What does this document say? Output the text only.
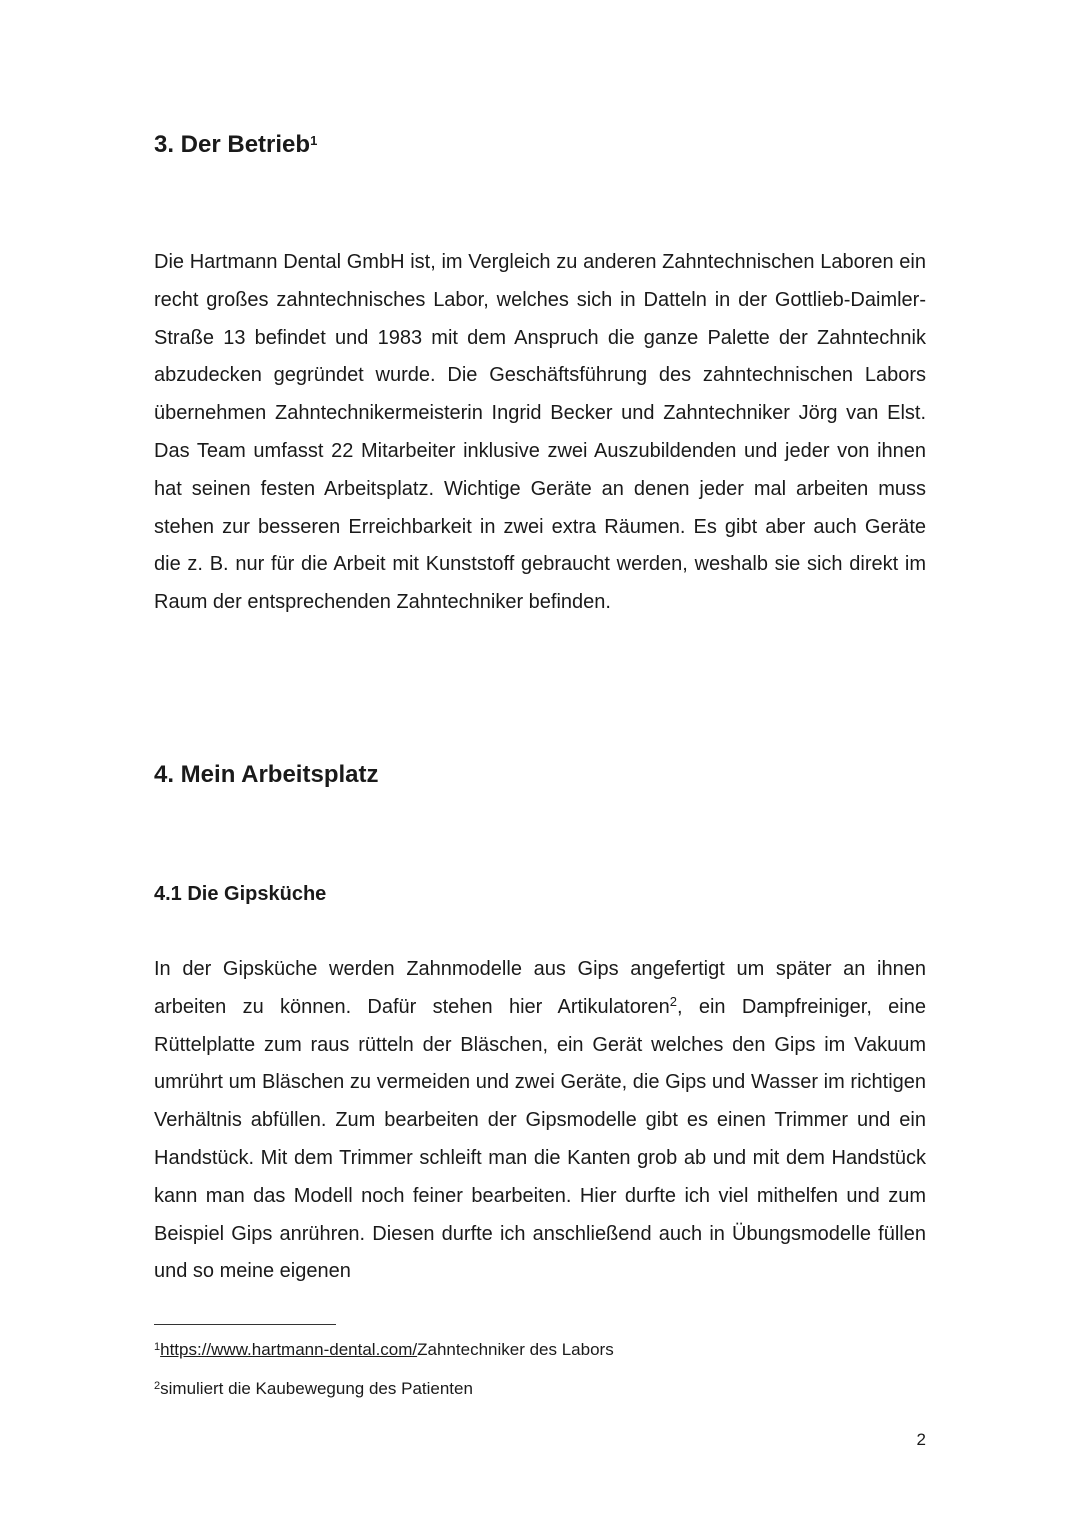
3. Der Betrieb$^1$

Die Hartmann Dental GmbH ist, im Vergleich zu anderen Zahntechnischen Laboren ein recht großes zahntechnisches Labor, welches sich in Datteln in der Gottlieb-Daimler-Straße 13 befindet und 1983 mit dem Anspruch die ganze Palette der Zahntechnik abzudecken gegründet wurde. Die Geschäftsführung des zahntechnischen Labors übernehmen Zahntechnikermeisterin Ingrid Becker und Zahntechniker Jörg van Elst. Das Team umfasst 22 Mitarbeiter inklusive zwei Auszubildenden und jeder von ihnen hat seinen festen Arbeitsplatz. Wichtige Geräte an denen jeder mal arbeiten muss stehen zur besseren Erreichbarkeit in zwei extra Räumen. Es gibt aber auch Geräte die z. B. nur für die Arbeit mit Kunststoff gebraucht werden, weshalb sie sich direkt im Raum der entsprechenden Zahntechniker befinden.

4. Mein Arbeitsplatz
4.1 Die Gipsküche

In der Gipsküche werden Zahnmodelle aus Gips angefertigt um später an ihnen arbeiten zu können. Dafür stehen hier Artikulatoren$^2$, ein Dampfreiniger, eine Rüttelplatte zum raus rütteln der Bläschen, ein Gerät welches den Gips im Vakuum umrührt um Bläschen zu vermeiden und zwei Geräte, die Gips und Wasser im richtigen Verhältnis abfüllen. Zum bearbeiten der Gipsmodelle gibt es einen Trimmer und ein Handstück. Mit dem Trimmer schleift man die Kanten grob ab und mit dem Handstück kann man das Modell noch feiner bearbeiten. Hier durfte ich viel mithelfen und zum Beispiel Gips anrühren. Diesen durfte ich anschließend auch in Übungsmodelle füllen und so meine eigenen

$^1$https://www.hartmann-dental.com/Zahntechniker des Labors

$^2$simuliert die Kaubewegung des Patienten

2
